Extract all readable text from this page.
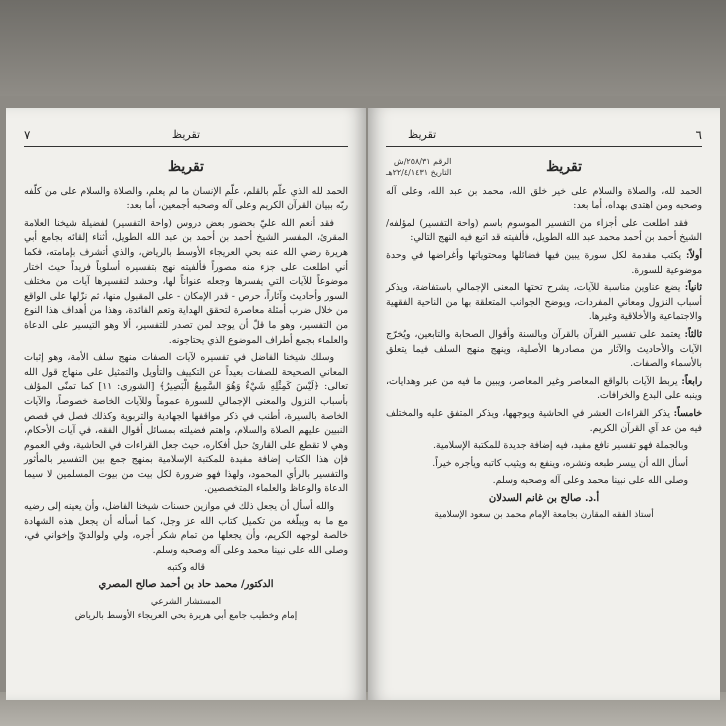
٧	تقريظ
تقريظ

الحمد لله الذي علّم بالقلم، علّم الإنسان ما لم يعلم، والصلاة والسلام على من كلّفه ربّه ببيان القرآن الكريم وعلى آله وصحبه أجمعين، أما بعد:

فقد أنعم الله عليّ بحضور بعض دروس (واحة التفسير) لفضيلة شيخنا العلامة المقرئ، المفسر الشيخ أحمد بن أحمد بن عبد الله الطويل، أثناء إلقائه بجامع أبي هريرة رضي الله عنه بحي العريجاء الأوسط بالرياض، والذي أتشرف بإمامته، فكما أني اطلعت على جزء منه مصوراً فألفيته نهج بتفسيره أسلوباً فريداً حيث اختار موضوعاً للآيات التي يفسرها وجعله عنواناً لها، وحشد لتفسيرها آيات من مختلف السور وأحاديث وآثاراً، حرص - قدر الإمكان - على المقبول منها، ثم نزّلها على الواقع من خلال ضرب أمثلة معاصرة لتحقق الهداية وتعم الفائدة، وهذا من أهداف هذا النوع من التفسير، وهو ما قلّ أن يوجد لمن تصدر للتفسير، ألا وهو التيسير على الدعاة والعلماء بجمع أطراف الموضوع الذي يحتاجونه.

وسلك شيخنا الفاضل في تفسيره لآيات الصفات منهج سلف الأمة، وهو إثبات المعاني الصحيحة للصفات بعيداً عن التكييف والتأويل والتمثيل على منهاج قول الله تعالى: ﴿لَيْسَ كَمِثْلِهِ شَيْءٌ وَهُوَ السَّمِيعُ الْبَصِيرُ﴾ [الشورى: ١١] كما تمنّى المؤلف بأسباب النزول والمعنى الإجمالي للسورة عموماً وللآيات الخاصة خصوصاً، والآيات الخاصة بالسيرة، أطنب في ذكر مواقفها الجهادية والتربوية وكذلك فصل في قصص النبيين عليهم الصلاة والسلام، واهتم فضيلته بمسائل أقوال الفقه، في آيات الأحكام، وهي لا تقطع على القارئ حبل أفكاره، حيث جعل القراءات في الحاشية، وفي العموم فإن هذا الكتاب إضافة مفيدة للمكتبة الإسلامية بمنهج جمع بين التفسير بالمأثور والتفسير بالرأي المحمود، ولهذا فهو ضرورة لكل بيت من بيوت المسلمين لا سيما الدعاة والوعاظ والعلماء المتخصصين.

والله أسأل أن يجعل ذلك في موازين حسنات شيخنا الفاضل، وأن يعينه إلى رضيه مع ما به ويبلّغه من تكميل كتاب الله عز وجل، كما أسأله أن يجعل هذه الشهادة خالصة لوجهه الكريم، وأن يجعلها من تمام شكر أجره، ولي ولوالديّ وإخواني في، وصلى الله على نبينا محمد وعلى آله وصحبه وسلم.

قاله وكتبه
الدكتور/ محمد حاد بن أحمد صالح المصري
المستشار الشرعي
إمام وخطيب جامع أبي هريرة بحي العريجاء الأوسط بالرياض
٦
تقريظ
الرقم ٢٥٨/٣١/ش
التاريخ ٢٢/٤/١٤٣١هـ	تقريظ

الحمد لله، والصلاة والسلام على خير خلق الله، محمد بن عبد الله، وعلى آله وصحبه ومن اهتدى بهداه، أما بعد:

فقد اطلعت على أجزاء من التفسير الموسوم باسم (واحة التفسير) لمؤلفه/ الشيخ أحمد بن أحمد محمد عبد الله الطويل، فألفيته قد اتبع فيه النهج التالي:

أولاً: يكتب مقدمة لكل سورة يبين فيها فضائلها ومحتوياتها وأغراضها في وحدة موضوعية للسورة.

ثانياً: يضع عناوين مناسبة للآيات، يشرح تحتها المعنى الإجمالي باستفاضة، ويذكر أسباب النزول ومعاني المفردات، ويوضح الجوانب المتعلقة بها من الناحية الفقهية والاجتماعية والأخلاقية وغيرها.

ثالثاً: يعتمد على تفسير القرآن بالقرآن وبالسنة وأقوال الصحابة والتابعين، ويُخرّج الآيات والأحاديث والآثار من مصادرها الأصلية، وينهج منهج السلف فيما يتعلق بالأسماء والصفات.

رابعاً: يربط الآيات بالواقع المعاصر وغير المعاصر، ويبين ما فيه من عبر وهدايات، وينبه على البدع والخرافات.

خامساً: يذكر القراءات العشر في الحاشية ويوجهها، ويذكر المتفق عليه والمختلف فيه من عد آي القرآن الكريم.

وبالجملة فهو تفسير نافع مفيد، فيه إضافة جديدة للمكتبة الإسلامية.

أسأل الله أن ييسر طبعه ونشره، وينفع به ويثيب كاتبه ويأجره خيراً.

وصلى الله على نبينا محمد وعلى آله وصحبه وسلم.

أ.د. صالح بن غانم السدلان
أستاذ الفقه المقارن بجامعة الإمام محمد بن سعود الإسلامية
